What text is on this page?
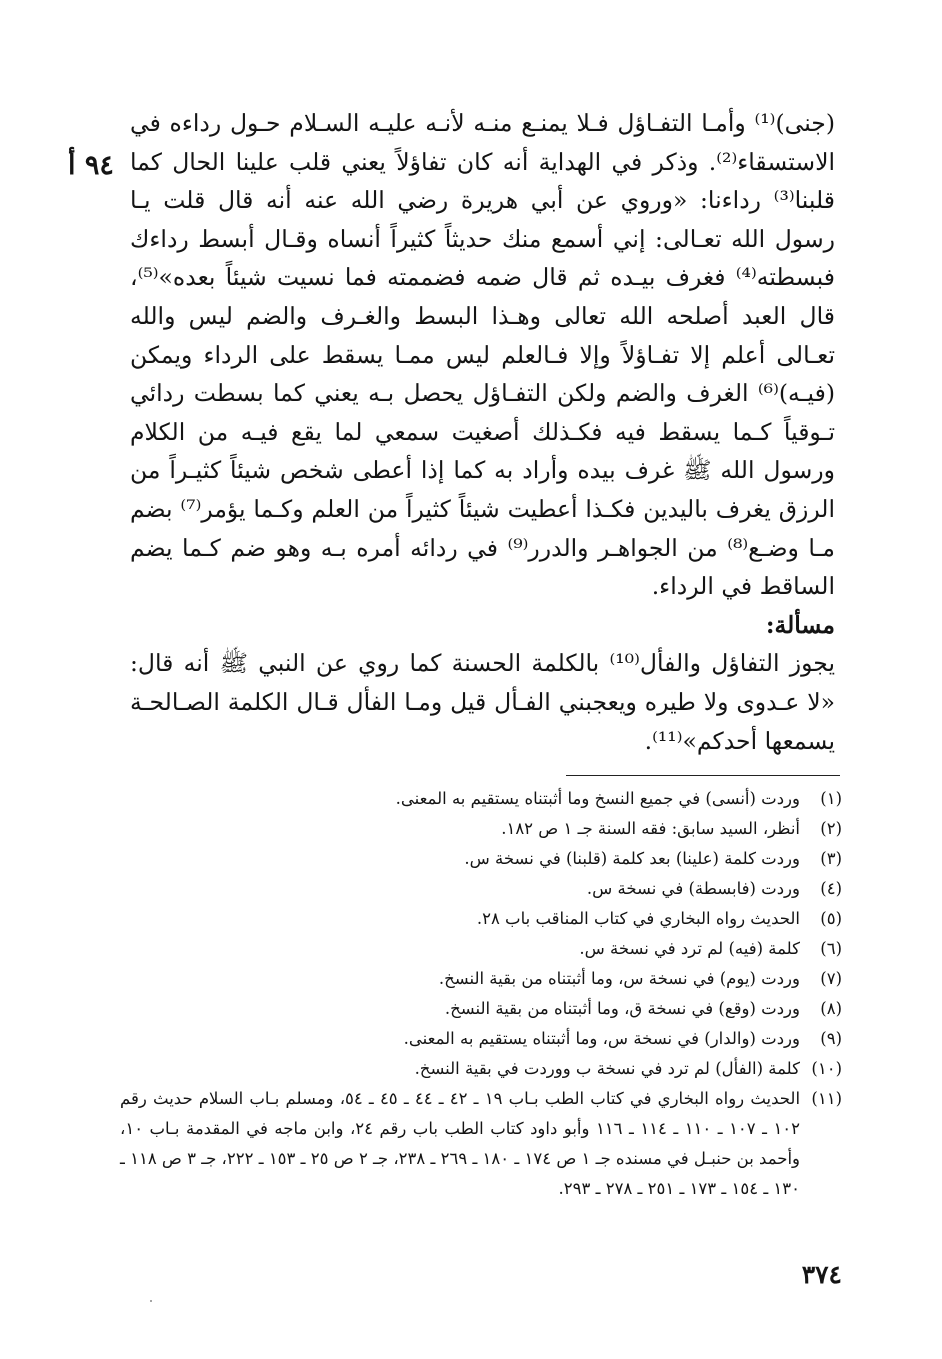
٩٤ أ

(جنى)⁽¹⁾ وأمـا التفـاؤل فـلا يمنـع منـه لأنـه عليـه السـلام حـول رداءه في الاستسقاء⁽²⁾. وذكر في الهداية أنه كان تفاؤلاً يعني قلب علينا الحال كما قلبنا⁽³⁾ رداءنا: «وروي عن أبي هريرة رضي الله عنه أنه قال قلت يـا رسول الله تعـالى: إني أسمع منك حديثاً كثيراً أنساه وقـال أبسط رداءك فبسطته⁽⁴⁾ فغرف بيـده ثم قال ضمه فضممته فما نسيت شيئاً بعده»⁽⁵⁾، قال العبد أصلحه الله تعالى وهـذا البسط والغـرف والضم ليس والله تعـالى أعلم إلا تفـاؤلاً وإلا فـالعلم ليس ممـا يسقط على الرداء ويمكن (فيـه)⁽⁶⁾ الغرف والضم ولكن التفـاؤل يحصل بـه يعني كما بسطت ردائي تـوقياً كـما يسقط فيه فكـذلك أصغيت سمعي لما يقع فيـه من الكلام ورسول الله ﷺ غرف بيده وأراد به كما إذا أعطى شخص شيئاً كثيـراً من الرزق يغرف باليدين فكـذا أعطيت شيئاً كثيراً من العلم وكـما يؤمر⁽⁷⁾ بضم مـا وضـع⁽⁸⁾ من الجواهـر والدرر⁽⁹⁾ في ردائه أمره بـه وهو ضم كـما يضم الساقط في الرداء.

مسألة:

يجوز التفاؤل والفأل⁽¹⁰⁾ بالكلمة الحسنة كما روي عن النبي ﷺ أنه قال: «لا عـدوى ولا طيره ويعجبني الفـأل قيل ومـا الفأل قـال الكلمة الصـالحـة يسمعها أحدكم»⁽¹¹⁾.

(١)
وردت (أنسى) في جميع النسخ وما أثبتناه يستقيم به المعنى.
(٢)
أنظر، السيد سابق: فقه السنة جـ ١ ص ١٨٢.
(٣)
وردت كلمة (علينا) بعد كلمة (قلبنا) في نسخة س.
(٤)
وردت (فابسطة) في نسخة س.
(٥)
الحديث رواه البخاري في كتاب المناقب باب ٢٨.
(٦)
كلمة (فيه) لم ترد في نسخة س.
(٧)
وردت (يوم) في نسخة س، وما أثبتناه من بقية النسخ.
(٨)
وردت (وقع) في نسخة ق، وما أثبتناه من بقية النسخ.
(٩)
وردت (والدار) في نسخة س، وما أثبتناه يستقيم به المعنى.
(١٠)
كلمة (الفأل) لم ترد في نسخة ب ووردت في بقية النسخ.
(١١)
الحديث رواه البخاري في كتاب الطب بـاب ١٩ ـ ٤٢ ـ ٤٤ ـ ٤٥ ـ ٥٤، ومسلم بـاب السلام حديث رقم ١٠٢ ـ ١٠٧ ـ ١١٠ ـ ١١٤ ـ ١١٦ وأبو داود كتاب الطب باب رقم ٢٤، وابن ماجه في المقدمة بـاب ١٠، وأحمد بن حنبـل في مسنده جـ ١ ص ١٧٤ ـ ١٨٠ ـ ٢٦٩ ـ ٢٣٨، جـ ٢ ص ٢٥ ـ ١٥٣ ـ ٢٢٢، جـ ٣ ص ١١٨ ـ ١٣٠ ـ ١٥٤ ـ ١٧٣ ـ ٢٥١ ـ ٢٧٨ ـ ٢٩٣.
٣٧٤
